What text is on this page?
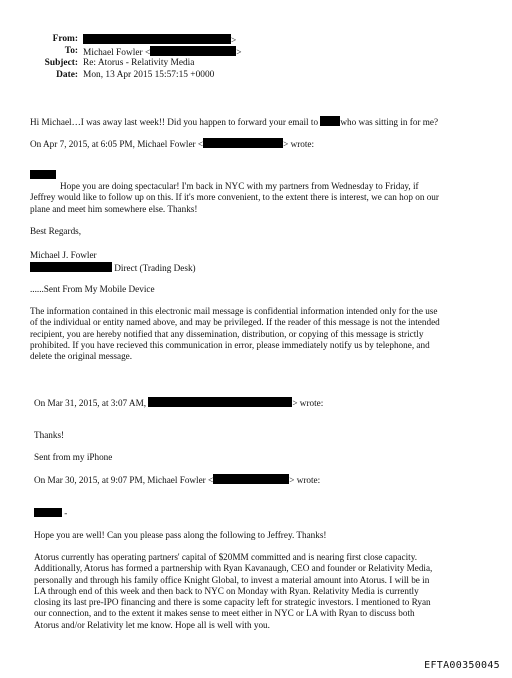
From:	>
To: Michael Fowler <	>
Subject: Re: Atorus - Relativity Media
Date: Mon, 13 Apr 2015 15:57:15 +0000
Hi Michael…I was away last week!! Did you happen to forward your email to who was sitting in for me?
On Apr 7, 2015, at 6:05 PM, Michael Fowler <	> wrote:
Hope you are doing spectacular! I'm back in NYC with my partners from Wednesday to Friday, if
Jeffrey would like to follow up on this. If it's more convenient, to the extent there is interest, we can hop on our
plane and meet him somewhere else. Thanks!
Best Regards,
Michael J. Fowler
Direct (Trading Desk)
......Sent From My Mobile Device
The information contained in this electronic mail message is confidential information intended only for the use
of the individual or entity named above, and may be privileged. If the reader of this message is not the intended
recipient, you are hereby notified that any dissemination, distribution, or copying of this message is strictly
prohibited. If you have recieved this communication in error, please immediately notify us by telephone, and
delete the original message.
On Mar 31, 2015, at 3:07 AM,	> wrote:
Thanks!
Sent from my iPhone
On Mar 30, 2015, at 9:07 PM, Michael Fowler <	> wrote:
-
Hope you are well! Can you please pass along the following to Jeffrey. Thanks!
Atorus currently has operating partners' capital of $20MM committed and is nearing first close capacity.
Additionally, Atorus has formed a partnership with Ryan Kavanaugh, CEO and founder or Relativity Media,
personally and through his family office Knight Global, to invest a material amount into Atorus. I will be in
LA through end of this week and then back to NYC on Monday with Ryan. Relativity Media is currently
closing its last pre-IPO financing and there is some capacity left for strategic investors. I mentioned to Ryan
our connection, and to the extent it makes sense to meet either in NYC or LA with Ryan to discuss both
Atorus and/or Relativity let me know. Hope all is well with you.
EFTA00350045
